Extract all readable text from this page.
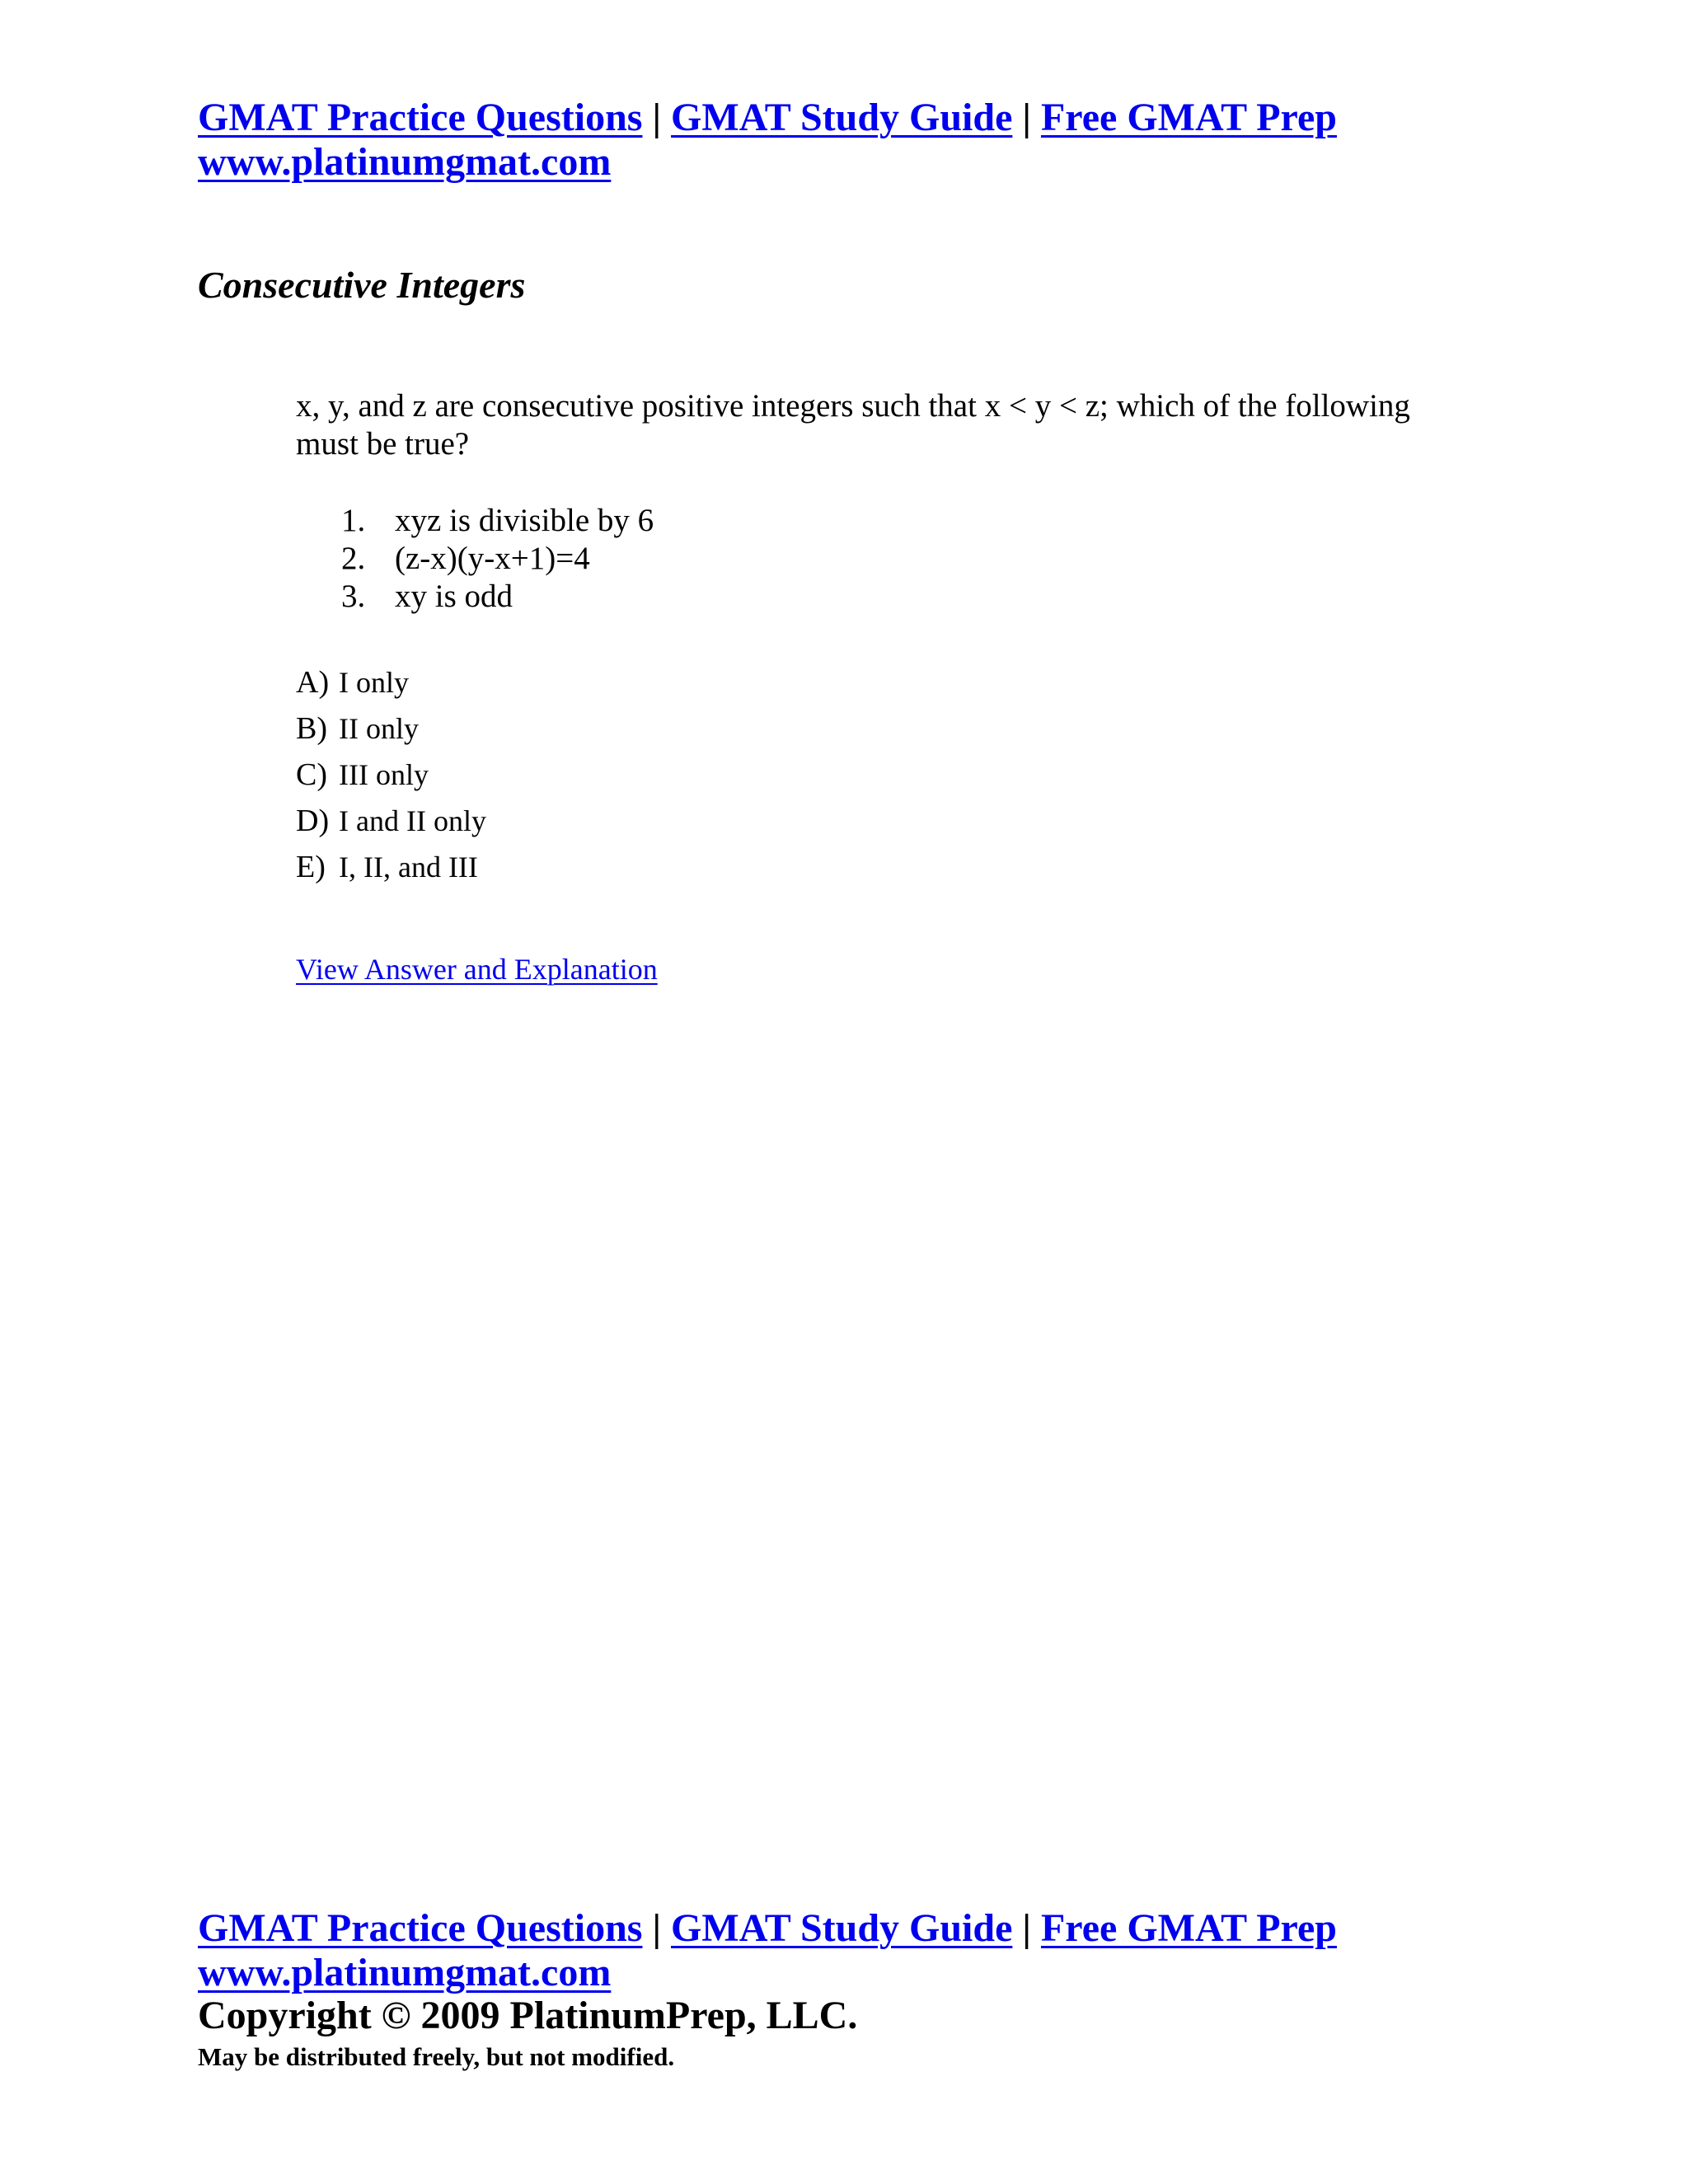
GMAT Practice Questions | GMAT Study Guide | Free GMAT Prep
www.platinumgmat.com
Consecutive Integers
x, y, and z are consecutive positive integers such that x < y < z; which of the following must be true?
1. xyz is divisible by 6
2. (z-x)(y-x+1)=4
3. xy is odd
A) I only
B) II only
C) III only
D) I and II only
E) I, II, and III
View Answer and Explanation
GMAT Practice Questions | GMAT Study Guide | Free GMAT Prep
www.platinumgmat.com

Copyright © 2009 PlatinumPrep, LLC.

May be distributed freely, but not modified.
